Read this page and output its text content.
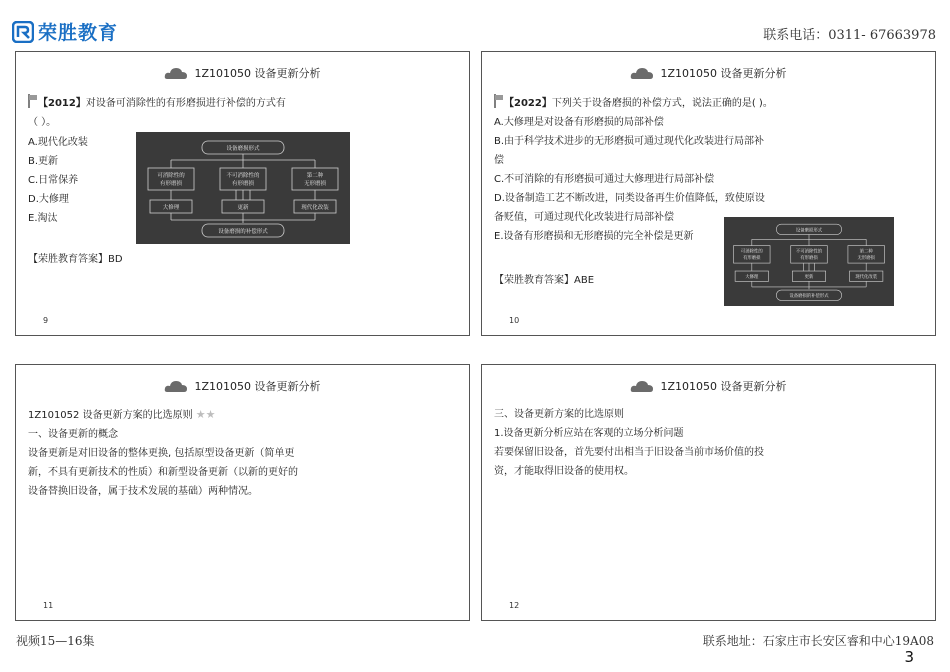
荣胜教育	联系电话：0311- 67663978
1Z101050 设备更新分析
【2012】对设备可消除性的有形磨损进行补偿的方式有
（ ）。
A.现代化改装
B.更新
C.日常保养
D.大修理
E.淘汰
设备磨损形式
可消除性的
有形磨损
不可消除性的
有形磨损
第二种
无形磨损
大修理	更新	现代化改装
设备磨损的补偿形式
【荣胜教育答案】BD
9
1Z101050 设备更新分析
【2022】下列关于设备磨损的补偿方式，说法正确的是( )。
A.大修理是对设备有形磨损的局部补偿
B.由于科学技术进步的无形磨损可通过现代化改装进行局部补
偿
C.不可消除的有形磨损可通过大修理进行局部补偿
D.设备制造工艺不断改进，同类设备再生价值降低，致使原设
备贬值，可通过现代化改装进行局部补偿
E.设备有形磨损和无形磨损的完全补偿是更新
【荣胜教育答案】ABE
设备磨损形式
可消除性的
有形磨损
不可消除性的
有形磨损
第二种
无形磨损
大修理	更新	现代化改装
设备磨损的补偿形式
10
1Z101050 设备更新分析
1Z101052 设备更新方案的比选原则 ★★
一、设备更新的概念
设备更新是对旧设备的整体更换, 包括原型设备更新（简单更
新，不具有更新技术的性质）和新型设备更新（以新的更好的
设备替换旧设备，属于技术发展的基础）两种情况。
11
1Z101050 设备更新分析
三、设备更新方案的比选原则
1.设备更新分析应站在客观的立场分析问题
若要保留旧设备，首先要付出相当于旧设备当前市场价值的投
资，才能取得旧设备的使用权。
12
视频15—16集	联系地址：石家庄市长安区睿和中心19A08
3
